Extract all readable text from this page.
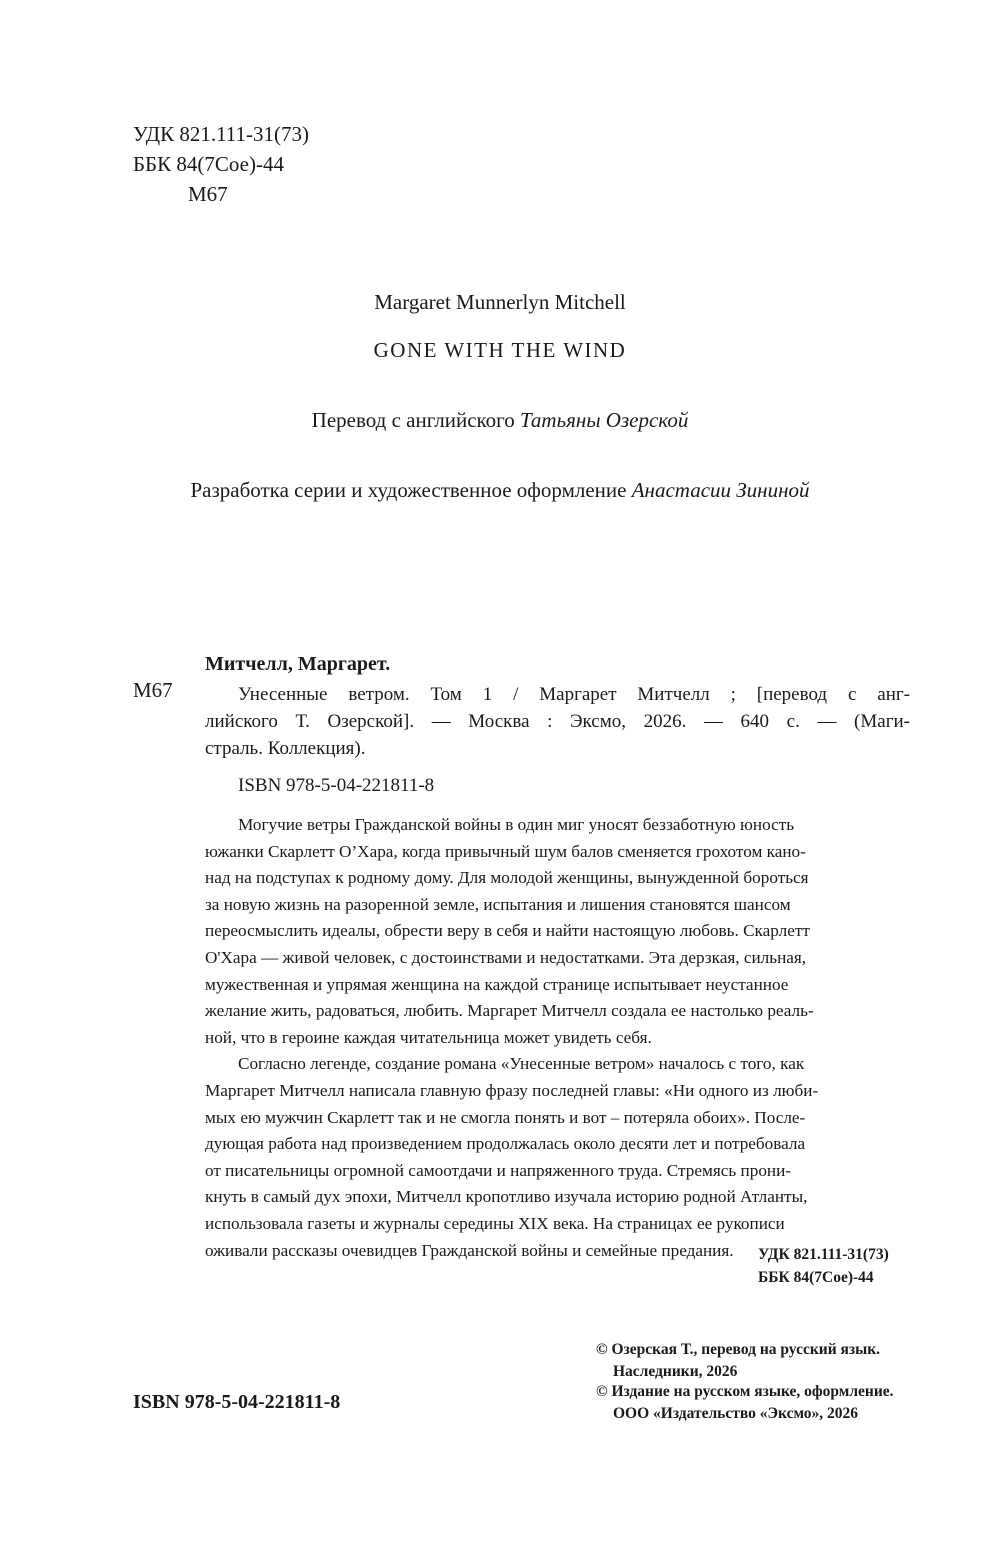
УДК 821.111-31(73)

ББК 84(7Сое)-44

М67

Margaret Munnerlyn Mitchell

GONE WITH THE WIND

Перевод с английского Татьяны Озерской

Разработка серии и художественное оформление Анастасии Зининой

М67

Митчелл, Маргарет.

Унесенные ветром. Том 1 / Маргарет Митчелл ; [перевод с анг-

лийского Т. Озерской]. — Москва : Эксмо, 2026. — 640 с. — (Маги-

страль. Коллекция).

ISBN 978-5-04-221811-8

Могучие ветры Гражданской войны в один миг уносят беззаботную юность

южанки Скарлетт О’Хара, когда привычный шум балов сменяется грохотом кано-

над на подступах к родному дому. Для молодой женщины, вынужденной бороться

за новую жизнь на разоренной земле, испытания и лишения становятся шансом

переосмыслить идеалы, обрести веру в себя и найти настоящую любовь. Скарлетт

О'Хара — живой человек, с достоинствами и недостатками. Эта дерзкая, сильная,

мужественная и упрямая женщина на каждой странице испытывает неустанное

желание жить, радоваться, любить. Маргарет Митчелл создала ее настолько реаль-

ной, что в героине каждая читательница может увидеть себя.

Согласно легенде, создание романа «Унесенные ветром» началось с того, как

Маргарет Митчелл написала главную фразу последней главы: «Ни одного из люби-

мых ею мужчин Скарлетт так и не смогла понять и вот – потеряла обоих». После-

дующая работа над произведением продолжалась около десяти лет и потребовала

от писательницы огромной самоотдачи и напряженного труда. Стремясь прони-

кнуть в самый дух эпохи, Митчелл кропотливо изучала историю родной Атланты,

использовала газеты и журналы середины XIX века. На страницах ее рукописи

оживали рассказы очевидцев Гражданской войны и семейные предания.	УДК 821.111-31(73)

ББК 84(7Сое)-44

ISBN 978-5-04-221811-8

© Озерская Т., перевод на русский язык.

Наследники, 2026

© Издание на русском языке, оформление.

ООО «Издательство «Эксмо», 2026
